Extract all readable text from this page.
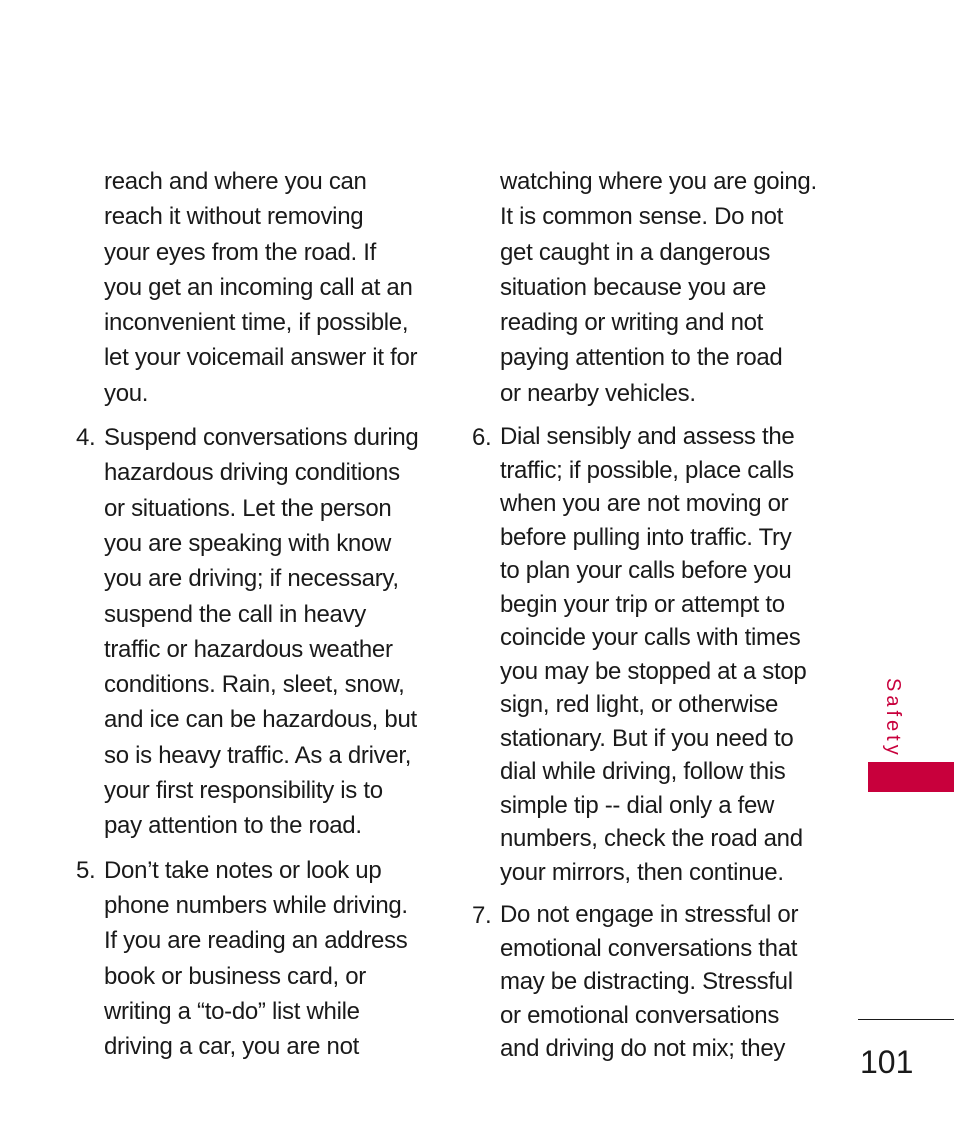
reach and where you can
reach it without removing
your eyes from the road. If
you get an incoming call at an
inconvenient time, if possible,
let your voicemail answer it for
you.

4. Suspend conversations during
hazardous driving conditions
or situations. Let the person
you are speaking with know
you are driving; if necessary,
suspend the call in heavy
traffic or hazardous weather
conditions. Rain, sleet, snow,
and ice can be hazardous, but
so is heavy traffic. As a driver,
your first responsibility is to
pay attention to the road.
5. Don’t take notes or look up
phone numbers while driving.
If you are reading an address
book or business card, or
writing a “to-do” list while
driving a car, you are not

watching where you are going.
It is common sense. Do not
get caught in a dangerous
situation because you are
reading or writing and not
paying attention to the road
or nearby vehicles.

6. Dial sensibly and assess the
traffic; if possible, place calls
when you are not moving or
before pulling into traffic. Try
to plan your calls before you
begin your trip or attempt to
coincide your calls with times
you may be stopped at a stop
sign, red light, or otherwise
stationary. But if you need to
dial while driving, follow this
simple tip -- dial only a few
numbers, check the road and
your mirrors, then continue.
7. Do not engage in stressful or
emotional conversations that
may be distracting. Stressful
or emotional conversations
and driving do not mix; they
Safety
101
